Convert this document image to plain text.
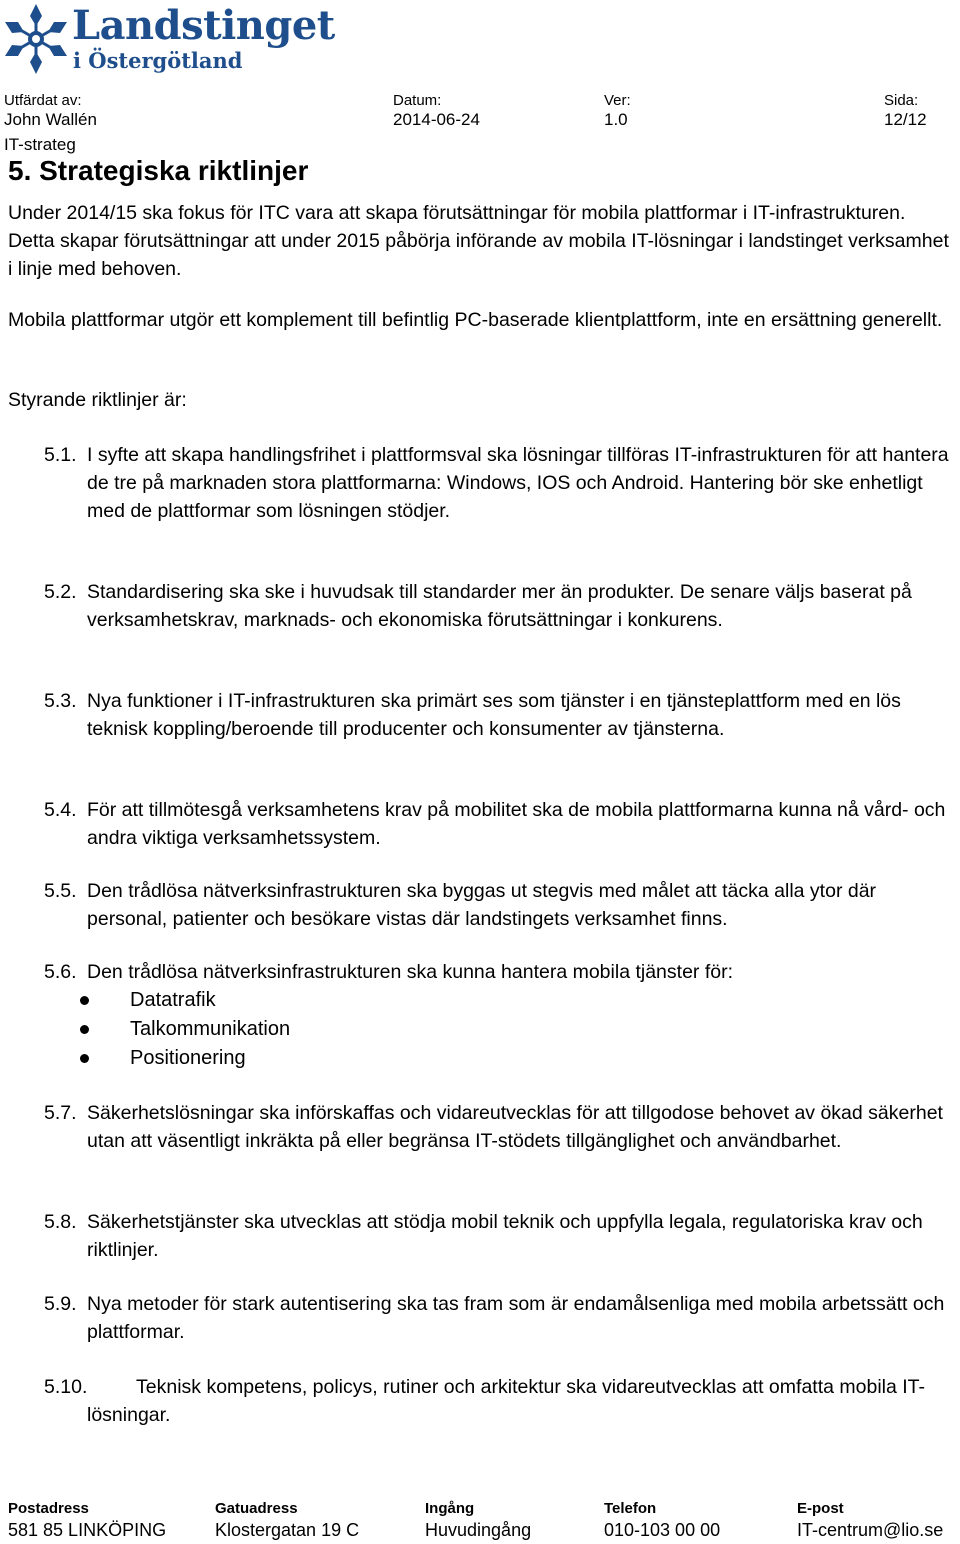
Landstinget
i Östergötland
Utfärdat av:
John Wallén
IT-strateg
Datum:
2014-06-24
Ver:
1.0
Sida:
12/12
5. Strategiska riktlinjer
Under 2014/15 ska fokus för ITC vara att skapa förutsättningar för mobila plattformar i IT-infrastrukturen. Detta skapar förutsättningar att under 2015 påbörja införande av mobila IT-lösningar i landstinget verksamhet i linje med behoven.
Mobila plattformar utgör ett komplement till befintlig PC-baserade klientplattform, inte en ersättning generellt.
Styrande riktlinjer är:
5.1. I syfte att skapa handlingsfrihet i plattformsval ska lösningar tillföras IT-infrastrukturen för att hantera de tre på marknaden stora plattformarna: Windows, IOS och Android. Hantering bör ske enhetligt med de plattformar som lösningen stödjer.
5.2. Standardisering ska ske i huvudsak till standarder mer än produkter. De senare väljs baserat på verksamhetskrav, marknads- och ekonomiska förutsättningar i konkurens.
5.3. Nya funktioner i IT-infrastrukturen ska primärt ses som tjänster i en tjänsteplattform med en lös teknisk koppling/beroende till producenter och konsumenter av tjänsterna.
5.4. För att tillmötesgå verksamhetens krav på mobilitet ska de mobila plattformarna kunna nå vård- och andra viktiga verksamhetssystem.
5.5. Den trådlösa nätverksinfrastrukturen ska byggas ut stegvis med målet att täcka alla ytor där personal, patienter och besökare vistas där landstingets verksamhet finns.
5.6. Den trådlösa nätverksinfrastrukturen ska kunna hantera mobila tjänster för:
Datatrafik
Talkommunikation
Positionering
5.7. Säkerhetslösningar ska införskaffas och vidareutvecklas för att tillgodose behovet av ökad säkerhet utan att väsentligt inkräkta på eller begränsa IT-stödets tillgänglighet och användbarhet.
5.8. Säkerhetstjänster ska utvecklas att stödja mobil teknik och uppfylla legala, regulatoriska krav och riktlinjer.
5.9. Nya metoder för stark autentisering ska tas fram som är endamålsenliga med mobila arbetssätt och plattformar.
5.10.	Teknisk kompetens, policys, rutiner och arkitektur ska vidareutvecklas att omfatta mobila IT-lösningar.
Postadress
581 85 LINKÖPING
Gatuadress
Klostergatan 19 C
Ingång
Huvudingång
Telefon
010-103 00 00
E-post
IT-centrum@lio.se
